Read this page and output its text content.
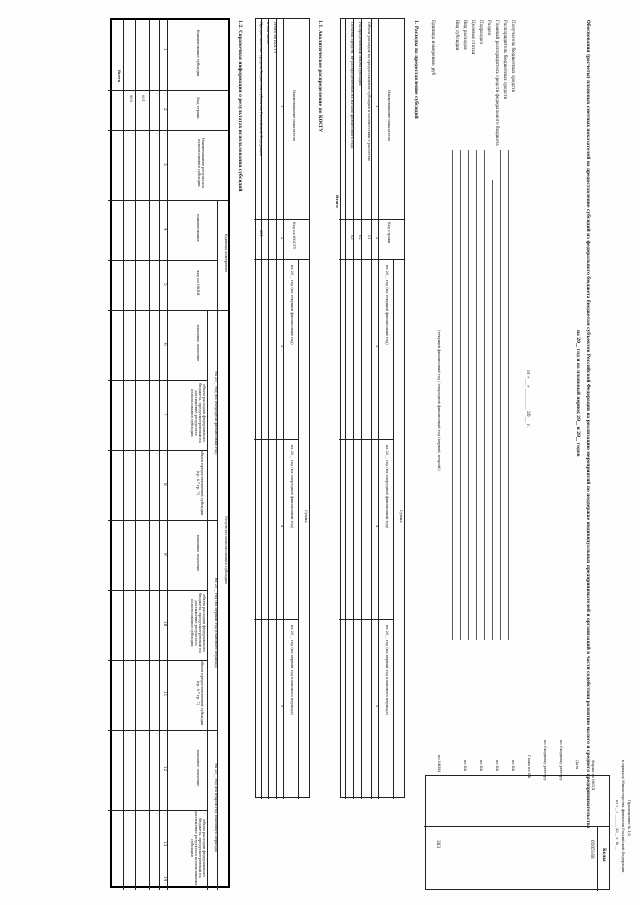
Приложение № 1/3
к приказу Министерства финансов Российской Федерации
от «__» _______ 20__ г. № __
Обоснования (расчеты) плановых сметных показателей на предоставление субсидий из федерального бюджета бюджетам субъектов Российской Федерации на реализацию мероприятий по поддержке индивидуальных предпринимателей и организаций в части содействия развитию малого и среднего предпринимательства
на 20__ год и на плановый период 20__ и 20__ годов
от «___» __________ 20___ г.
(текущий финансовый год / очередной финансовый год (первый, второй))
Получатель бюджетных средств
Распорядитель бюджетных средств
Главный распорядитель средств федерального бюджета
Раздел
Подраздел
Целевая статья
Вид расходов
Вид субсидии
Единица измерения: руб
Коды
Форма по ОКУД
0505168
Дата
по Сводному реестру
по Сводному реестру
Глава по БК
по БК
по БК
по БК
по БК
по ОКЕИ
383
1. Расходы на предоставление субсидий
Наименование показателя
Код строки
Сумма
на 20__ год (на текущий финансовый год)
на 20__ год (на очередной финансовый год)
на 20__ год (на первый год планового периода)
1
2
3
4
5
Объем расходов на предоставление субсидий в соответствии с расчетом
01
Распределенный объем субсидий
02
Остаток средств, не распределенных на начало финансового года
03
Итого
1.1. Аналитическое распределение по КОСГУ
Наименование показателя
Код по КОСГУ
Сумма
на 20__ год (на текущий финансовый год)
на 20__ год (на очередной финансовый год)
на 20__ год (на первый год планового периода)
1
2
3
4
5
Итого по КОСГУ
в том числе
Предоставление средств бюджетам субъектов Российской Федерации
251
1.2. Справочная информация о результатах использования субсидий
Наименование субсидии
Код строки
Наименование результата использования субсидии
Единица измерения
наименование
код по ОКЕИ
Результат использования субсидии
на 20__ год (на очередной финансовый год)
на 20__ год (на первый год планового периода)
на 20__ год (на второй год планового периода)
плановое значение
объем расходов федерального бюджета, предусмотренный на достижение результата использования субсидии
объем предоставляемой субсидии (гр. 6 * гр. 7)
плановое значение
объем расходов федерального бюджета, предусмотренный на достижение результата использования субсидии
объем предоставляемой субсидии (гр. 6 * гр. 7)
плановое значение
объем расходов федерального бюджета, предусмотренный на достижение результата использования субсидии
1
2
3
4
5
6
7
8
9
10
11
12
13
14
001
900
Всего
